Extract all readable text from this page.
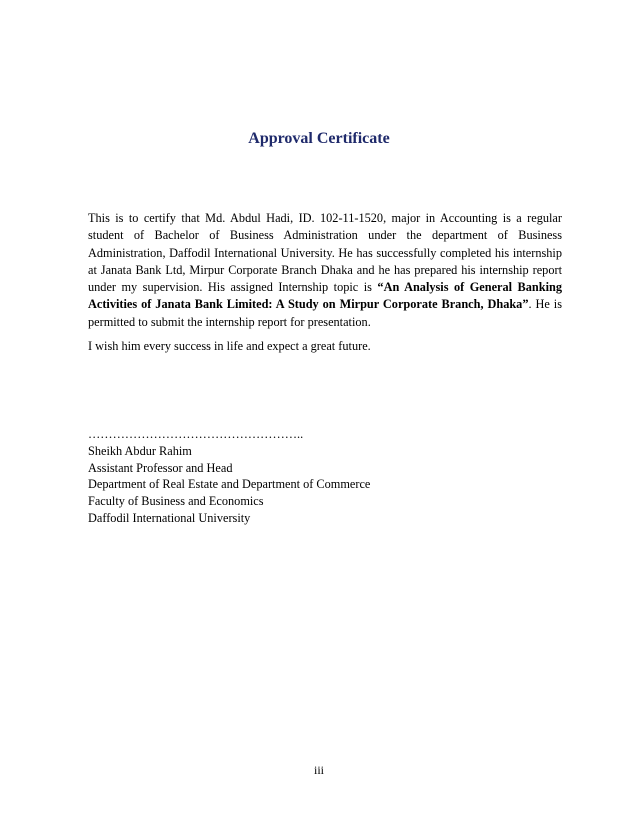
Approval Certificate

This is to certify that Md. Abdul Hadi, ID. 102-11-1520, major in Accounting is a regular student of Bachelor of Business Administration under the department of Business Administration, Daffodil International University. He has successfully completed his internship at Janata Bank Ltd, Mirpur Corporate Branch Dhaka and he has prepared his internship report under my supervision. His assigned Internship topic is “An Analysis of General Banking Activities of Janata Bank Limited: A Study on Mirpur Corporate Branch, Dhaka”. He is permitted to submit the internship report for presentation.

I wish him every success in life and expect a great future.

……………………………………………..
Sheikh Abdur Rahim
Assistant Professor and Head
Department of Real Estate and Department of Commerce
Faculty of Business and Economics
Daffodil International University
iii
